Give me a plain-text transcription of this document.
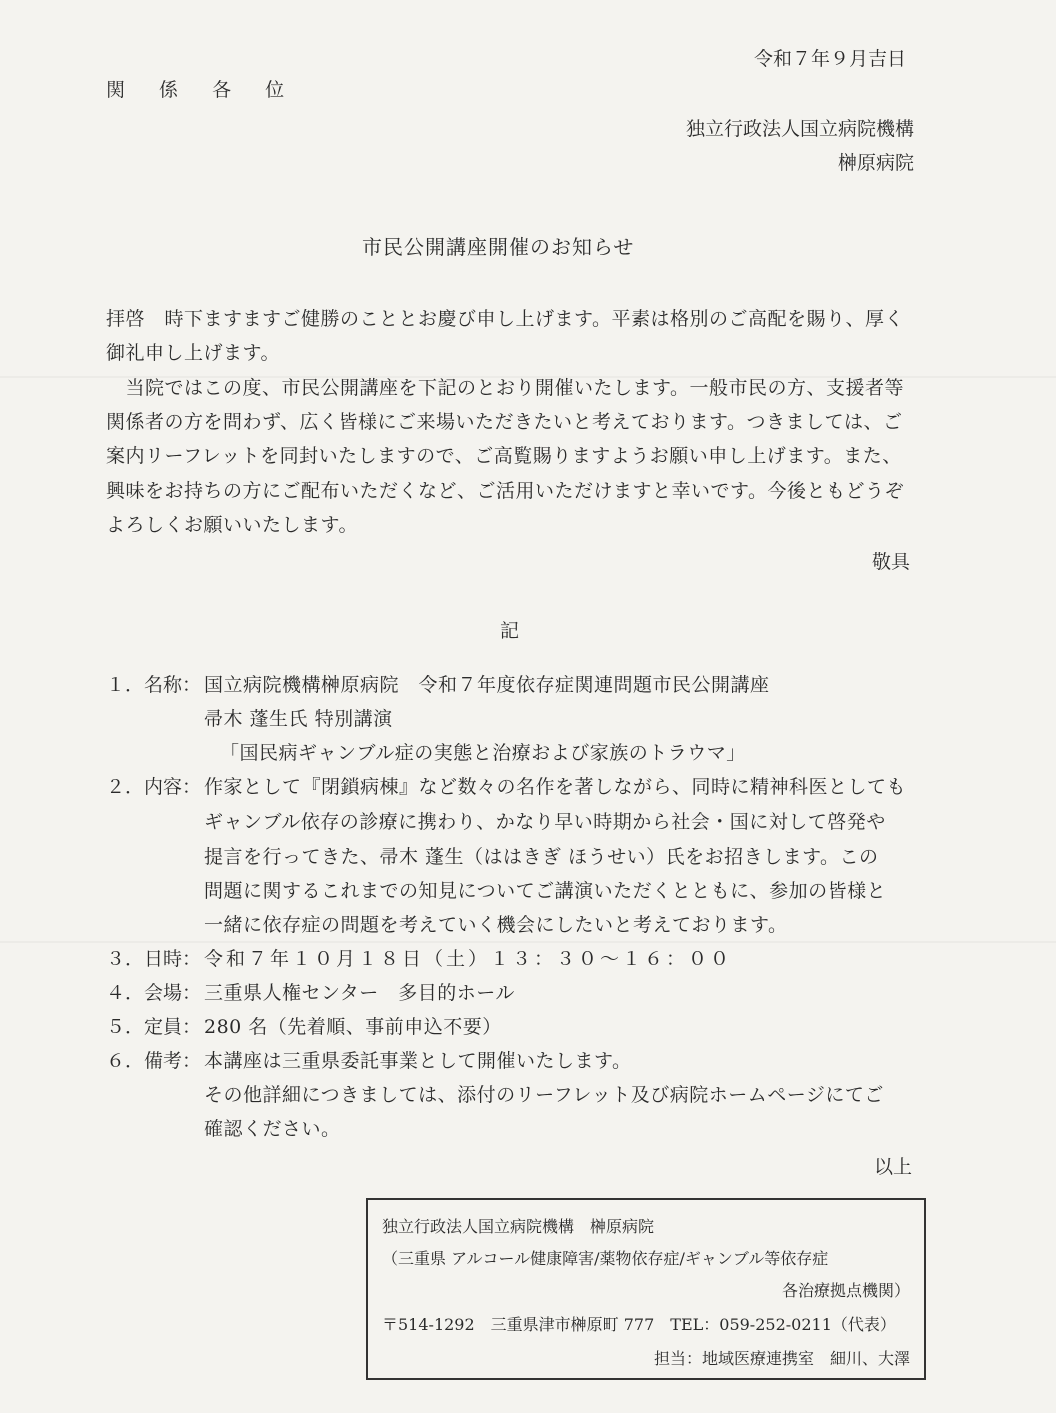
令和７年９月吉日
関 係 各 位
独立行政法人国立病院機構
榊原病院
市民公開講座開催のお知らせ
拝啓　時下ますますご健勝のこととお慶び申し上げます。平素は格別のご高配を賜り、厚く
御礼申し上げます。
　当院ではこの度、市民公開講座を下記のとおり開催いたします。一般市民の方、支援者等
関係者の方を問わず、広く皆様にご来場いただきたいと考えております。つきましては、ご
案内リーフレットを同封いたしますので、ご高覧賜りますようお願い申し上げます。また、
興味をお持ちの方にご配布いただくなど、ご活用いただけますと幸いです。今後ともどうぞ
よろしくお願いいたします。
敬具
記
１．名称： 国立病院機構榊原病院　令和７年度依存症関連問題市民公開講座
帚木 蓬生氏 特別講演
「国民病ギャンブル症の実態と治療および家族のトラウマ」
２．内容： 作家として『閉鎖病棟』など数々の名作を著しながら、同時に精神科医としても
ギャンブル依存の診療に携わり、かなり早い時期から社会・国に対して啓発や
提言を行ってきた、帚木 蓬生（ははきぎ ほうせい）氏をお招きします。この
問題に関するこれまでの知見についてご講演いただくとともに、参加の皆様と
一緒に依存症の問題を考えていく機会にしたいと考えております。
３．日時： 令和７年１０月１８日（土）１３：３０～１６：００
４．会場： 三重県人権センター　多目的ホール
５．定員： 280 名（先着順、事前申込不要）
６．備考： 本講座は三重県委託事業として開催いたします。
その他詳細につきましては、添付のリーフレット及び病院ホームページにてご
確認ください。
以上
独立行政法人国立病院機構　榊原病院
（三重県 アルコール健康障害/薬物依存症/ギャンブル等依存症
各治療拠点機関）
〒514-1292　三重県津市榊原町 777　TEL：059-252-0211（代表）
担当：地域医療連携室　細川、大澤
